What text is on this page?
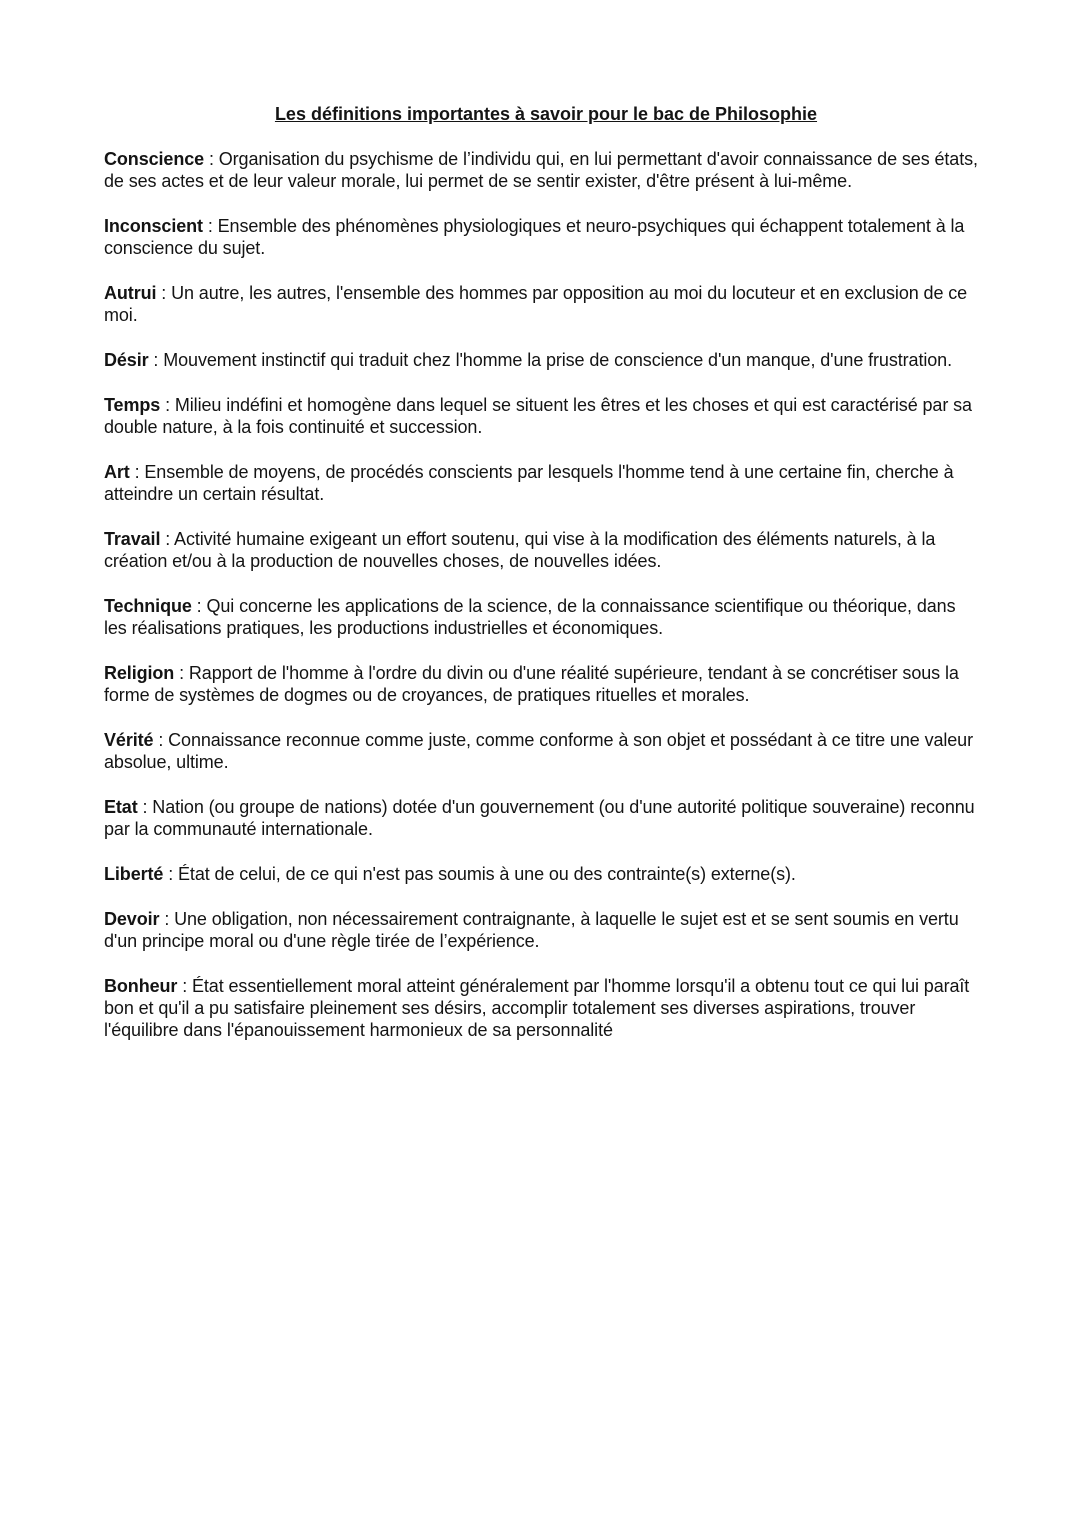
Les définitions importantes à savoir pour le bac de Philosophie
Conscience : Organisation du psychisme de l’individu qui, en lui permettant d'avoir connaissance de ses états, de ses actes et de leur valeur morale, lui permet de se sentir exister, d'être présent à lui-même.
Inconscient : Ensemble des phénomènes physiologiques et neuro-psychiques qui échappent totalement à la conscience du sujet.
Autrui : Un autre, les autres, l'ensemble des hommes par opposition au moi du locuteur et en exclusion de ce moi.
Désir : Mouvement instinctif qui traduit chez l'homme la prise de conscience d'un manque, d'une frustration.
Temps : Milieu indéfini et homogène dans lequel se situent les êtres et les choses et qui est caractérisé par sa double nature, à la fois continuité et succession.
Art : Ensemble de moyens, de procédés conscients par lesquels l'homme tend à une certaine fin, cherche à atteindre un certain résultat.
Travail : Activité humaine exigeant un effort soutenu, qui vise à la modification des éléments naturels, à la création et/ou à la production de nouvelles choses, de nouvelles idées.
Technique : Qui concerne les applications de la science, de la connaissance scientifique ou théorique, dans les réalisations pratiques, les productions industrielles et économiques.
Religion : Rapport de l'homme à l'ordre du divin ou d'une réalité supérieure, tendant à se concrétiser sous la forme de systèmes de dogmes ou de croyances, de pratiques rituelles et morales.
Vérité : Connaissance reconnue comme juste, comme conforme à son objet et possédant à ce titre une valeur absolue, ultime.
Etat : Nation (ou groupe de nations) dotée d'un gouvernement (ou d'une autorité politique souveraine) reconnu par la communauté internationale.
Liberté : État de celui, de ce qui n'est pas soumis à une ou des contrainte(s) externe(s).
Devoir : Une obligation, non nécessairement contraignante, à laquelle le sujet est et se sent soumis en vertu d'un principe moral ou d'une règle tirée de l’expérience.
Bonheur : État essentiellement moral atteint généralement par l'homme lorsqu'il a obtenu tout ce qui lui paraît bon et qu'il a pu satisfaire pleinement ses désirs, accomplir totalement ses diverses aspirations, trouver l'équilibre dans l'épanouissement harmonieux de sa personnalité
